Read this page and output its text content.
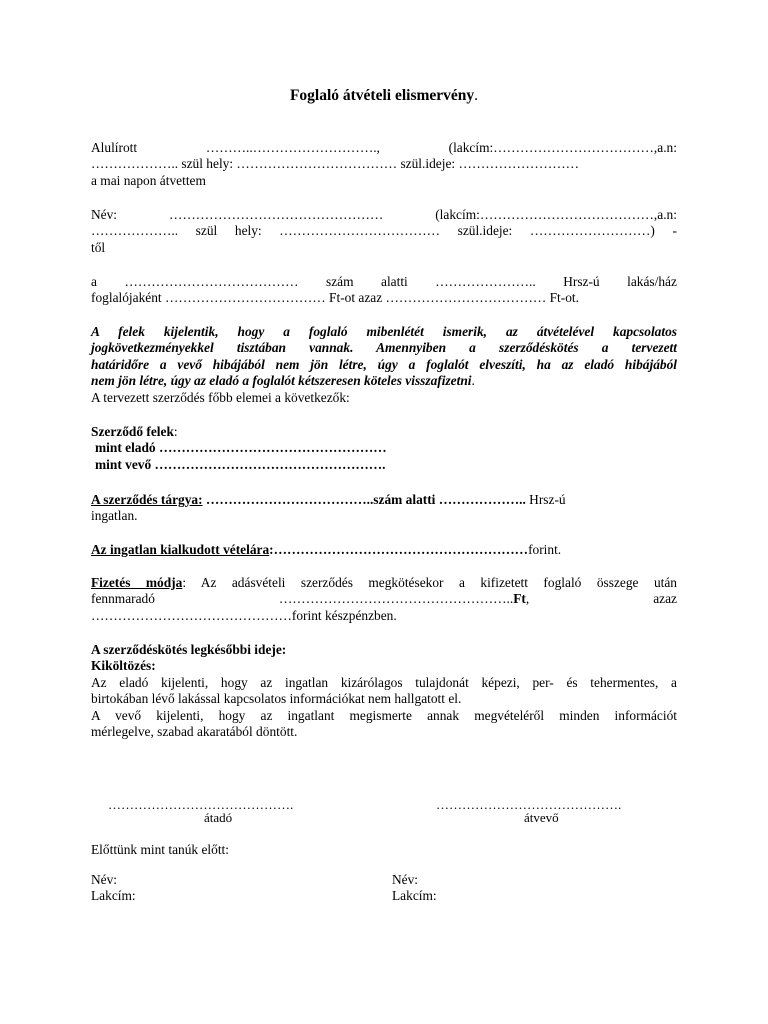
Foglaló átvételi elismervény.
Alulírott	………..……………………….,	(lakcím:………………………………,a.n:
……………….. szül hely: ……………………………… szül.ideje: ………………………
a mai napon átvettem
Név:	…………………………………………	(lakcím:…………………………………,a.n:
……………….. szül hely: ……………………………… szül.ideje: ………………………) -
től
a ………………………………… szám alatti ………………….. Hrsz-ú lakás/ház
foglalójaként ……………………………… Ft-ot azaz ……………………………… Ft-ot.
A felek kijelentik, hogy a foglaló mibenlétét ismerik, az átvételével kapcsolatos
jogkövetkezményekkel tisztában vannak. Amennyiben a szerződéskötés a tervezett
határidőre a vevő hibájából nem jön létre, úgy a foglalót elveszíti, ha az eladó hibájából
nem jön létre, úgy az eladó a foglalót kétszeresen köteles visszafizetni.
A tervezett szerződés főbb elemei a következők:
Szerződő felek:
mint eladó ……………………………………………
mint vevő …………………………………………….
A szerződés tárgya: ………………………………..szám alatti ……………….. Hrsz-ú
ingatlan.
Az ingatlan kialkudott vételára:…………………………………………………forint.
Fizetés módja: Az adásvételi szerződés megkötésekor a kifizetett foglaló összege után
fennmaradó	……………………………………………..Ft,	azaz
………………………………………forint készpénzben.
A szerződéskötés legkésőbbi ideje:
Kiköltözés:
Az eladó kijelenti, hogy az ingatlan kizárólagos tulajdonát képezi, per- és tehermentes, a
birtokában lévő lakással kapcsolatos információkat nem hallgatott el.
A vevő kijelenti, hogy az ingatlant megismerte annak megvételéről minden információt
mérlegelve, szabad akaratából döntött.
…………………………………….	…………………………………….
átadó	átvevő
Előttünk mint tanúk előtt:
Név:
Lakcím:
Név:
Lakcím:
